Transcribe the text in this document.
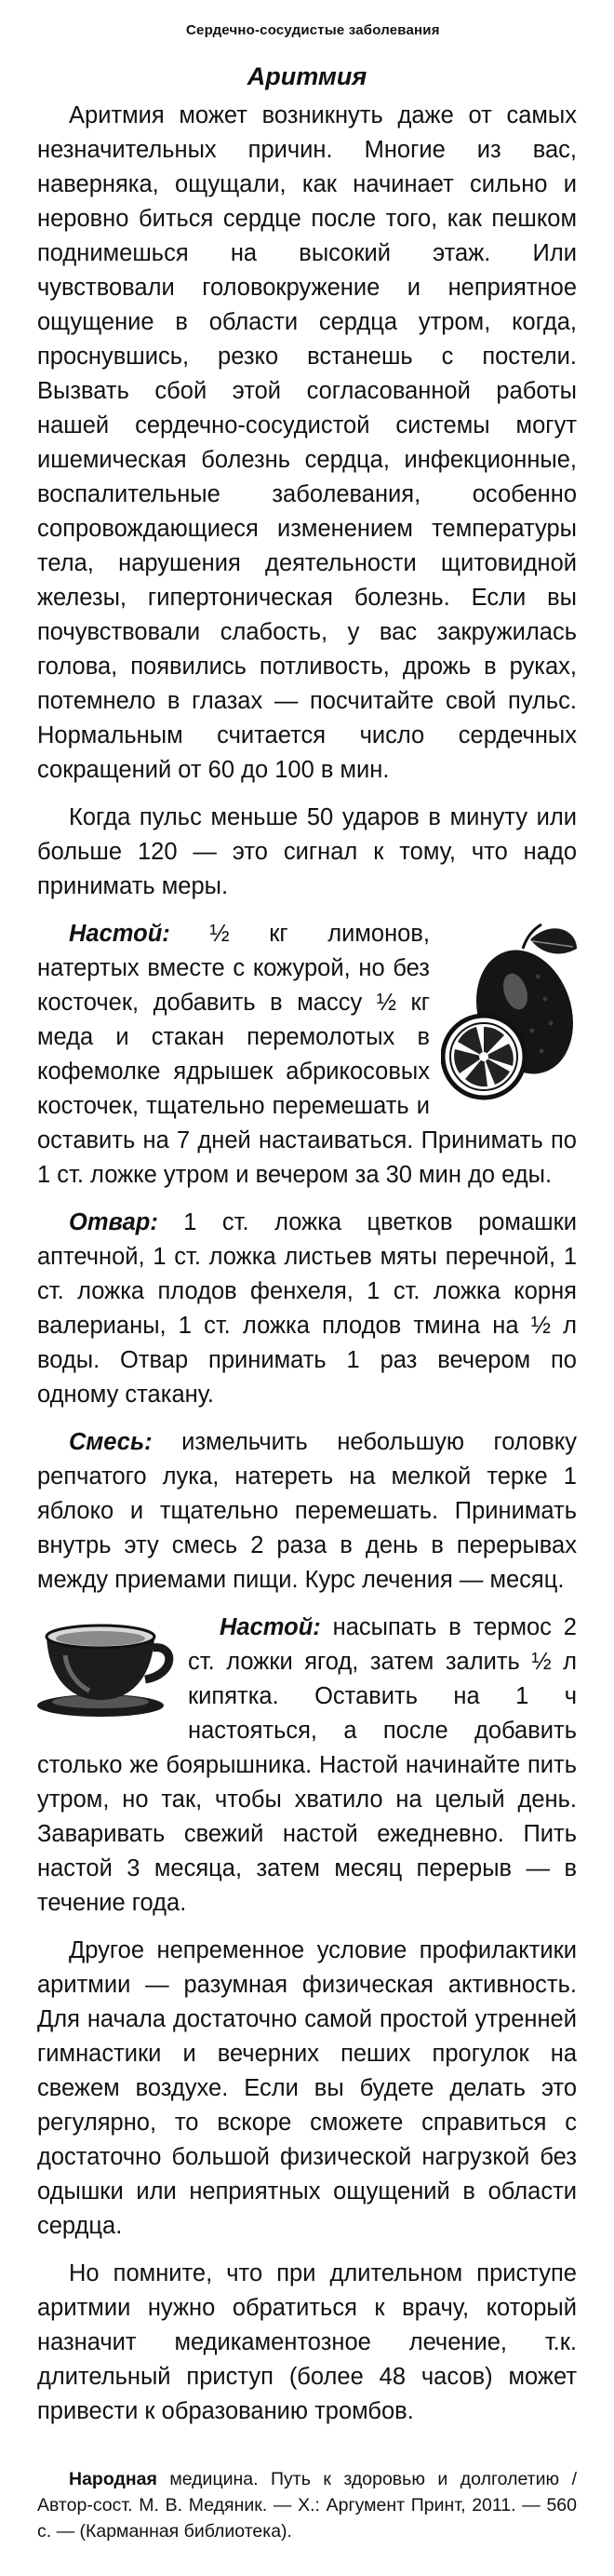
Сердечно-сосудистые заболевания
Аритмия

Аритмия может возникнуть даже от самых незначительных причин. Многие из вас, наверняка, ощущали, как начинает сильно и неровно биться сердце после того, как пешком поднимешься на высокий этаж. Или чувствовали головокружение и неприятное ощущение в области сердца утром, когда, проснувшись, резко встанешь с постели. Вызвать сбой этой согласованной работы нашей сердечно-сосудистой системы могут ишемическая болезнь сердца, инфекционные, воспалительные заболевания, особенно сопровождающиеся изменением температуры тела, нарушения деятельности щитовидной железы, гипертоническая болезнь. Если вы почувствовали слабость, у вас закружилась голова, появились потливость, дрожь в руках, потемнело в глазах — посчитайте свой пульс. Нормальным считается число сердечных сокращений от 60 до 100 в мин.

Когда пульс меньше 50 ударов в минуту или больше 120 — это сигнал к тому, что надо принимать меры.

Настой: ½ кг лимонов, натертых вместе с кожурой, но без косточек, добавить в массу ½ кг меда и стакан перемолотых в кофемолке ядрышек абрикосовых косточек, тщательно перемешать и оставить на 7 дней настаиваться. Принимать по 1 ст. ложке утром и вечером за 30 мин до еды.

Отвар: 1 ст. ложка цветков ромашки аптечной, 1 ст. ложка листьев мяты перечной, 1 ст. ложка плодов фенхеля, 1 ст. ложка корня валерианы, 1 ст. ложка плодов тмина на ½ л воды. Отвар принимать 1 раз вечером по одному стакану.

Смесь: измельчить небольшую головку репчатого лука, натереть на мелкой терке 1 яблоко и тщательно перемешать. Принимать внутрь эту смесь 2 раза в день в перерывах между приемами пищи. Курс лечения — месяц.

Настой: насыпать в термос 2 ст. ложки ягод, затем залить ½ л кипятка. Оставить на 1 ч настояться, а после добавить столько же боярышника. Настой начинайте пить утром, но так, чтобы хватило на целый день. Заваривать свежий настой ежедневно. Пить настой 3 месяца, затем месяц перерыв — в течение года.

Другое непременное условие профилактики аритмии — разумная физическая активность. Для начала достаточно самой простой утренней гимнастики и вечерних пеших прогулок на свежем воздухе. Если вы будете делать это регулярно, то вскоре сможете справиться с достаточно большой физической нагрузкой без одышки или неприятных ощущений в области сердца.

Но помните, что при длительном приступе аритмии нужно обратиться к врачу, который назначит медикаментозное лечение, т.к. длительный приступ (более 48 часов) может привести к образованию тромбов.

Народная медицина. Путь к здоровью и долголетию / Автор-сост. М. В. Медяник. — Х.: Аргумент Принт, 2011. — 560 с. — (Карманная библиотека).
